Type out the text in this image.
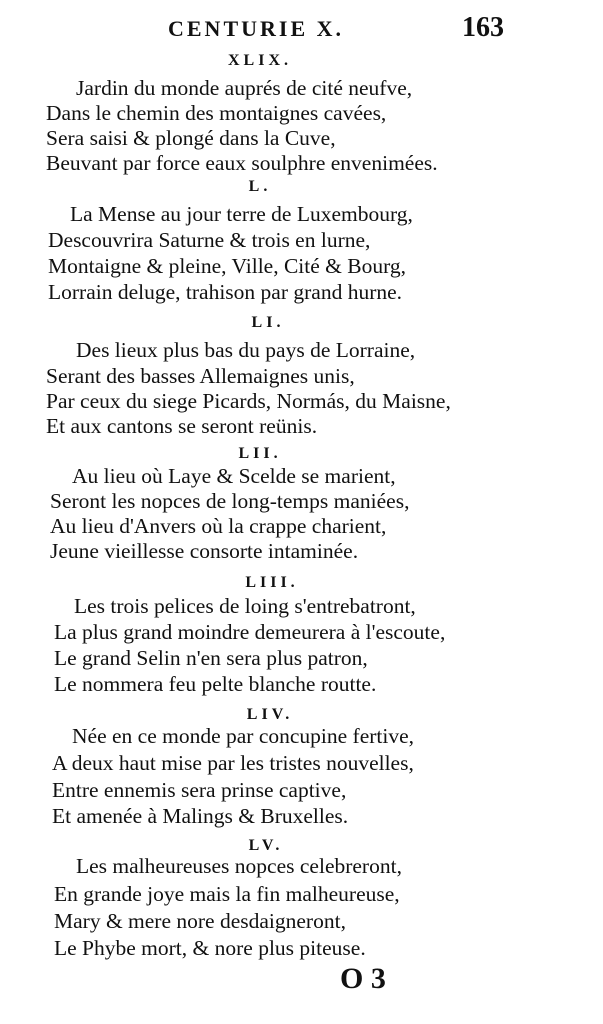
CENTURIE X.	163
XLIX.
Jardin du monde auprés de cité neufve,
Dans le chemin des montaignes cavées,
Sera saisi & plongé dans la Cuve,
Beuvant par force eaux soulphre envenimées.
L.
La Mense au jour terre de Luxembourg,
Descouvrira Saturne & trois en lurne,
Montaigne & pleine, Ville, Cité & Bourg,
Lorrain deluge, trahison par grand hurne.
LI.
Des lieux plus bas du pays de Lorraine,
Serant des basses Allemaignes unis,
Par ceux du siege Picards, Normás, du Maisne,
Et aux cantons se seront reünis.
LII.
Au lieu où Laye & Scelde se marient,
Seront les nopces de long-temps maniées,
Au lieu d'Anvers où la crappe charient,
Jeune vieillesse consorte intaminée.
LIII.
Les trois pelices de loing s'entrebatront,
La plus grand moindre demeurera à l'escoute,
Le grand Selin n'en sera plus patron,
Le nommera feu pelte blanche routte.
LIV.
Née en ce monde par concupine fertive,
A deux haut mise par les tristes nouvelles,
Entre ennemis sera prinse captive,
Et amenée à Malings & Bruxelles.
LV.
Les malheureuses nopces celebreront,
En grande joye mais la fin malheureuse,
Mary & mere nore desdaigneront,
Le Phybe mort, & nore plus piteuse.
O 3
